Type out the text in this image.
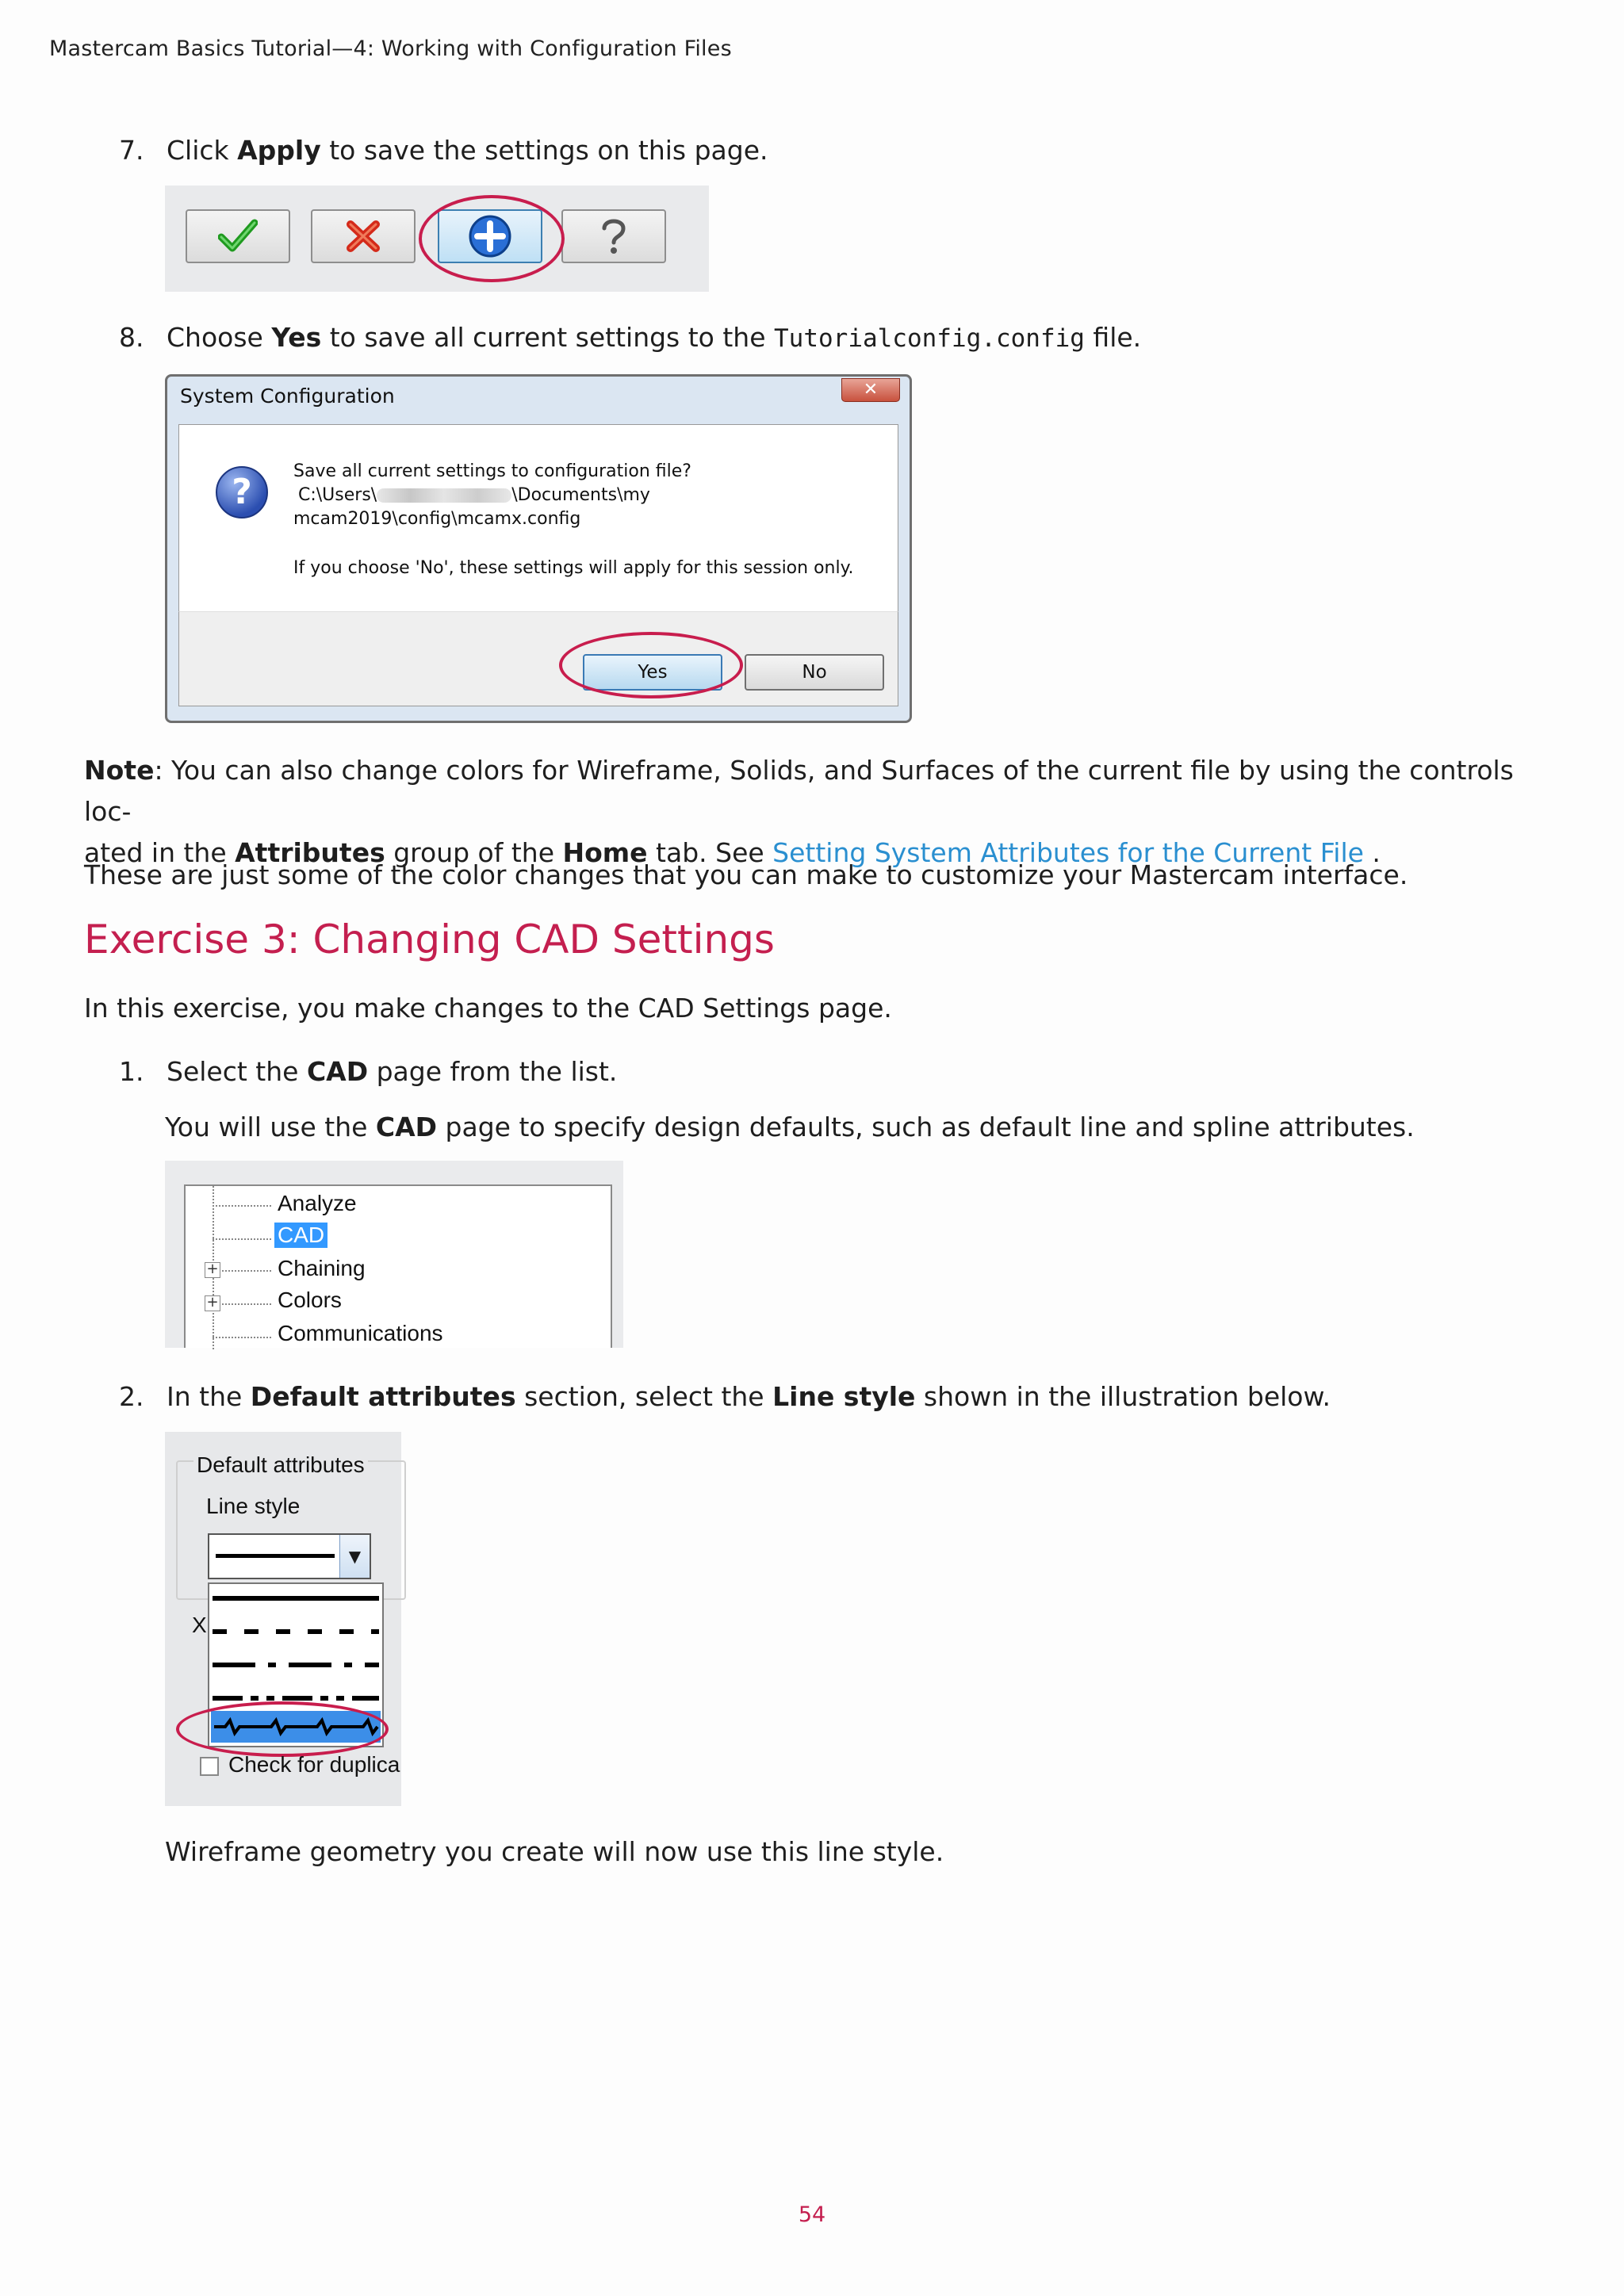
Mastercam Basics Tutorial—4: Working with Configuration Files
7. Click Apply to save the settings on this page.
8. Choose Yes to save all current settings to the Tutorialconfig.config file.
System Configuration	✕
?
Save all current settings to configuration file?
C:\Users\	\Documents\my
mcam2019\config\mcamx.config
If you choose 'No', these settings will apply for this session only.
Yes	No
Note: You can also change colors for Wireframe, Solids, and Surfaces of the current file by using the controls loc-
ated in the Attributes group of the Home tab. See Setting System Attributes for the Current File .
These are just some of the color changes that you can make to customize your Mastercam interface.
Exercise 3: Changing CAD Settings
In this exercise, you make changes to the CAD Settings page.
1. Select the CAD page from the list.
You will use the CAD page to specify design defaults, such as default line and spline attributes.
+
+
Analyze
CAD
Chaining
Colors
Communications
2. In the Default attributes section, select the Line style shown in the illustration below.
Default attributes
Line style
▼
X
Check for duplica
Wireframe geometry you create will now use this line style.
54
